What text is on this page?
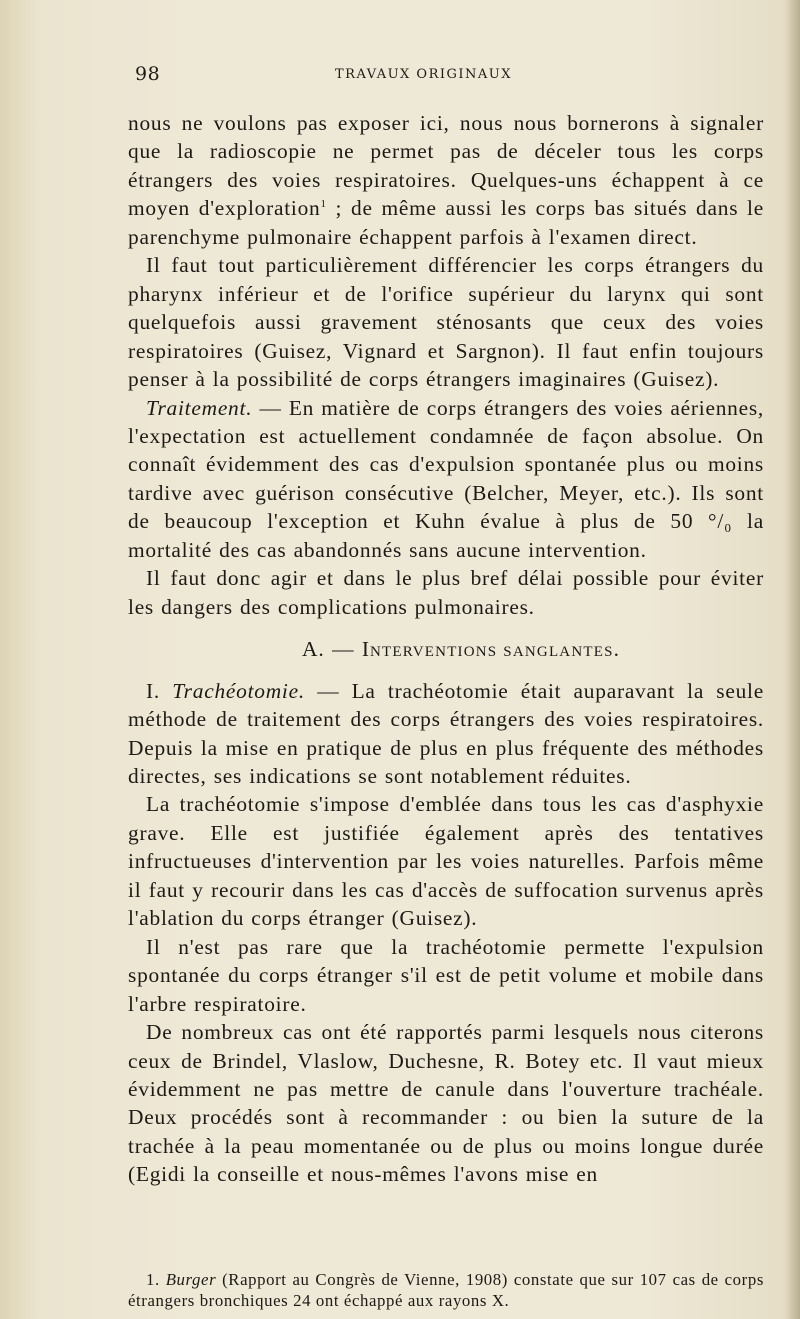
98	TRAVAUX ORIGINAUX

nous ne voulons pas exposer ici, nous nous bornerons à signaler que la radioscopie ne permet pas de déceler tous les corps étrangers des voies respiratoires. Quelques-uns échappent à ce moyen d'exploration$^1$ ; de même aussi les corps bas situés dans le parenchyme pulmonaire échappent parfois à l'examen direct.

Il faut tout particulièrement différencier les corps étrangers du pharynx inférieur et de l'orifice supérieur du larynx qui sont quelquefois aussi gravement sténosants que ceux des voies respiratoires (Guisez, Vignard et Sargnon). Il faut enfin toujours penser à la possibilité de corps étrangers imaginaires (Guisez).

Traitement. — En matière de corps étrangers des voies aériennes, l'expectation est actuellement condamnée de façon absolue. On connaît évidemment des cas d'expulsion spontanée plus ou moins tardive avec guérison consécutive (Belcher, Meyer, etc.). Ils sont de beaucoup l'exception et Kuhn évalue à plus de 50 °/₀ la mortalité des cas abandonnés sans aucune intervention.

Il faut donc agir et dans le plus bref délai possible pour éviter les dangers des complications pulmonaires.

A. — INTERVENTIONS SANGLANTES.

I. Trachéotomie. — La trachéotomie était auparavant la seule méthode de traitement des corps étrangers des voies respiratoires. Depuis la mise en pratique de plus en plus fréquente des méthodes directes, ses indications se sont notablement réduites.

La trachéotomie s'impose d'emblée dans tous les cas d'asphyxie grave. Elle est justifiée également après des tentatives infructueuses d'intervention par les voies naturelles. Parfois même il faut y recourir dans les cas d'accès de suffocation survenus après l'ablation du corps étranger (Guisez).

Il n'est pas rare que la trachéotomie permette l'expulsion spontanée du corps étranger s'il est de petit volume et mobile dans l'arbre respiratoire.

De nombreux cas ont été rapportés parmi lesquels nous citerons ceux de Brindel, Vlaslow, Duchesne, R. Botey etc. Il vaut mieux évidemment ne pas mettre de canule dans l'ouverture trachéale. Deux procédés sont à recommander : ou bien la suture de la trachée à la peau momentanée ou de plus ou moins longue durée (Egidi la conseille et nous-mêmes l'avons mise en

1. Burger (Rapport au Congrès de Vienne, 1908) constate que sur 107 cas de corps étrangers bronchiques 24 ont échappé aux rayons X.
